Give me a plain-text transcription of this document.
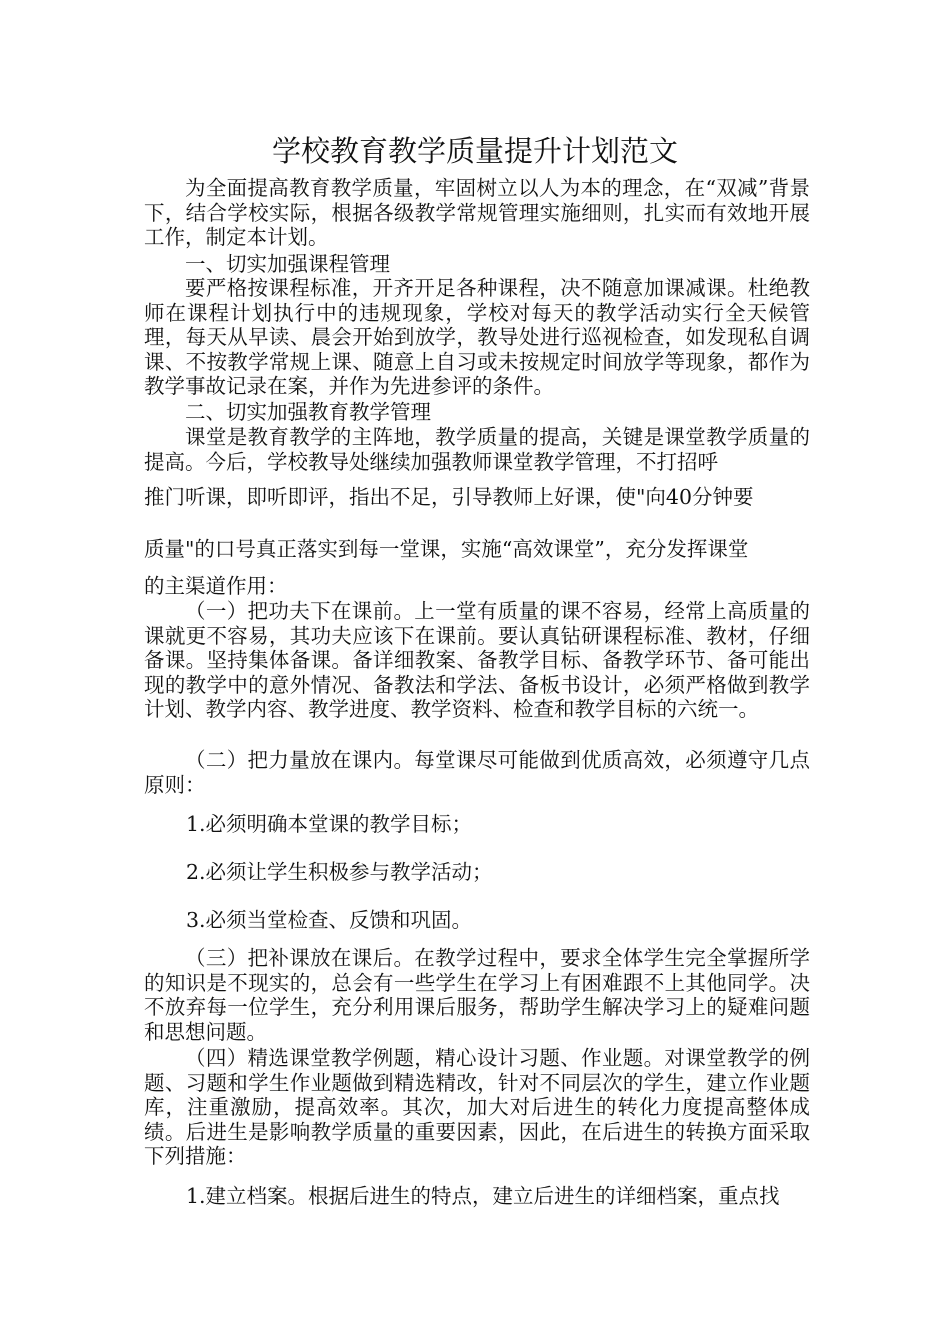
学校教育教学质量提升计划范文

为全面提高教育教学质量，牢固树立以人为本的理念，在“双减”背景下，结合学校实际，根据各级教学常规管理实施细则，扎实而有效地开展工作，制定本计划。

一、切实加强课程管理

要严格按课程标准，开齐开足各种课程，决不随意加课减课。杜绝教师在课程计划执行中的违规现象，学校对每天的教学活动实行全天候管理，每天从早读、晨会开始到放学，教导处进行巡视检查，如发现私自调课、不按教学常规上课、随意上自习或未按规定时间放学等现象，都作为教学事故记录在案，并作为先进参评的条件。

二、切实加强教育教学管理

课堂是教育教学的主阵地，教学质量的提高，关键是课堂教学质量的提高。今后，学校教导处继续加强教师课堂教学管理，不打招呼

推门听课，即听即评，指出不足，引导教师上好课，使"向40分钟要

质量"的口号真正落实到每一堂课，实施“高效课堂”，充分发挥课堂

的主渠道作用：

（一）把功夫下在课前。上一堂有质量的课不容易，经常上高质量的课就更不容易，其功夫应该下在课前。要认真钻研课程标准、教材，仔细备课。坚持集体备课。备详细教案、备教学目标、备教学环节、备可能出现的教学中的意外情况、备教法和学法、备板书设计，必须严格做到教学计划、教学内容、教学进度、教学资料、检查和教学目标的六统一。

（二）把力量放在课内。每堂课尽可能做到优质高效，必须遵守几点原则：

1.必须明确本堂课的教学目标；

2.必须让学生积极参与教学活动；

3.必须当堂检查、反馈和巩固。

（三）把补课放在课后。在教学过程中，要求全体学生完全掌握所学的知识是不现实的，总会有一些学生在学习上有困难跟不上其他同学。决不放弃每一位学生，充分利用课后服务，帮助学生解决学习上的疑难问题和思想问题。

（四）精选课堂教学例题，精心设计习题、作业题。对课堂教学的例题、习题和学生作业题做到精选精改，针对不同层次的学生，建立作业题库，注重激励，提高效率。其次，加大对后进生的转化力度提高整体成绩。后进生是影响教学质量的重要因素，因此，在后进生的转换方面采取下列措施：

1.建立档案。根据后进生的特点，建立后进生的详细档案，重点找
